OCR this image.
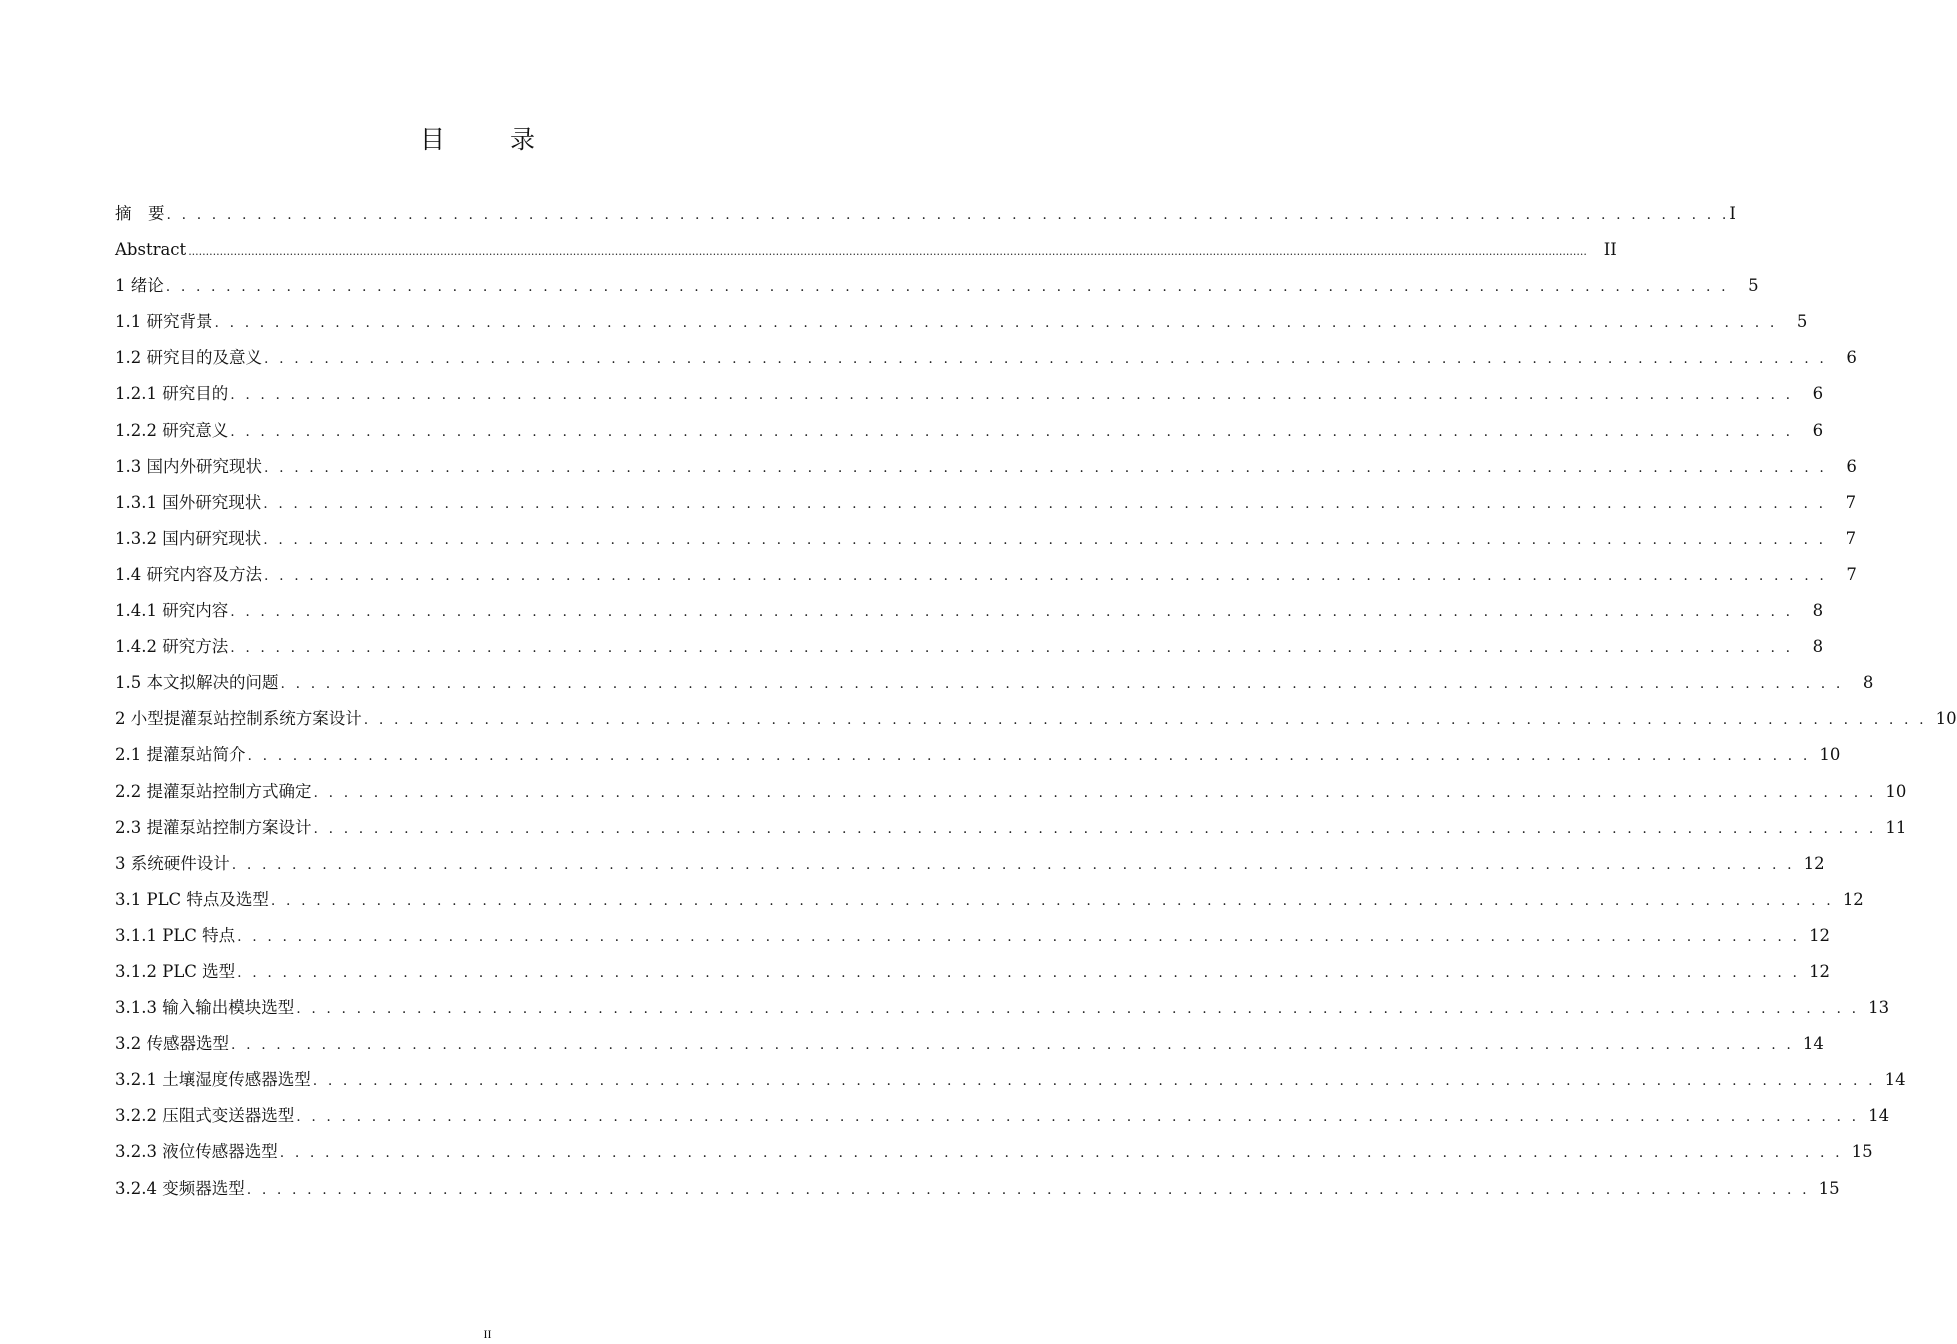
目　录
摘　要 . . . . . . . . . . . . . . . . . . . . . . . . . . . . . . . . . . . . . . . . . . . . . . . . . . . . . . . . . . . . . . . . . . . . . . . . . . . . . . . . . . . . . . . . . . . . . . . . . . . . . . . . I
Abstract ................................................................................................................................................................................................................................................................................................................................................................................................................	II
1 绪论 . . . . . . . . . . . . . . . . . . . . . . . . . . . . . . . . . . . . . . . . . . . . . . . . . . . . . . . . . . . . . . . . . . . . . . . . . . . . . . . . . . . . . . . . . . . . . . . . . . . . . . . .	5
1.1 研究背景 . . . . . . . . . . . . . . . . . . . . . . . . . . . . . . . . . . . . . . . . . . . . . . . . . . . . . . . . . . . . . . . . . . . . . . . . . . . . . . . . . . . . . . . . . . . . . . . . . . . . . . . .	5
1.2 研究目的及意义 . . . . . . . . . . . . . . . . . . . . . . . . . . . . . . . . . . . . . . . . . . . . . . . . . . . . . . . . . . . . . . . . . . . . . . . . . . . . . . . . . . . . . . . . . . . . . . . . . . . . . . . .	6
1.2.1 研究目的 . . . . . . . . . . . . . . . . . . . . . . . . . . . . . . . . . . . . . . . . . . . . . . . . . . . . . . . . . . . . . . . . . . . . . . . . . . . . . . . . . . . . . . . . . . . . . . . . . . . . . . . .	6
1.2.2 研究意义 . . . . . . . . . . . . . . . . . . . . . . . . . . . . . . . . . . . . . . . . . . . . . . . . . . . . . . . . . . . . . . . . . . . . . . . . . . . . . . . . . . . . . . . . . . . . . . . . . . . . . . . .	6
1.3 国内外研究现状 . . . . . . . . . . . . . . . . . . . . . . . . . . . . . . . . . . . . . . . . . . . . . . . . . . . . . . . . . . . . . . . . . . . . . . . . . . . . . . . . . . . . . . . . . . . . . . . . . . . . . . . .	6
1.3.1 国外研究现状 . . . . . . . . . . . . . . . . . . . . . . . . . . . . . . . . . . . . . . . . . . . . . . . . . . . . . . . . . . . . . . . . . . . . . . . . . . . . . . . . . . . . . . . . . . . . . . . . . . . . . . . .	7
1.3.2 国内研究现状 . . . . . . . . . . . . . . . . . . . . . . . . . . . . . . . . . . . . . . . . . . . . . . . . . . . . . . . . . . . . . . . . . . . . . . . . . . . . . . . . . . . . . . . . . . . . . . . . . . . . . . . .	7
1.4 研究内容及方法 . . . . . . . . . . . . . . . . . . . . . . . . . . . . . . . . . . . . . . . . . . . . . . . . . . . . . . . . . . . . . . . . . . . . . . . . . . . . . . . . . . . . . . . . . . . . . . . . . . . . . . . .	7
1.4.1 研究内容 . . . . . . . . . . . . . . . . . . . . . . . . . . . . . . . . . . . . . . . . . . . . . . . . . . . . . . . . . . . . . . . . . . . . . . . . . . . . . . . . . . . . . . . . . . . . . . . . . . . . . . . .	8
1.4.2 研究方法 . . . . . . . . . . . . . . . . . . . . . . . . . . . . . . . . . . . . . . . . . . . . . . . . . . . . . . . . . . . . . . . . . . . . . . . . . . . . . . . . . . . . . . . . . . . . . . . . . . . . . . . .	8
1.5 本文拟解决的问题 . . . . . . . . . . . . . . . . . . . . . . . . . . . . . . . . . . . . . . . . . . . . . . . . . . . . . . . . . . . . . . . . . . . . . . . . . . . . . . . . . . . . . . . . . . . . . . . . . . . . . . . .	8
2 小型提灌泵站控制系统方案设计 . . . . . . . . . . . . . . . . . . . . . . . . . . . . . . . . . . . . . . . . . . . . . . . . . . . . . . . . . . . . . . . . . . . . . . . . . . . . . . . . . . . . . . . . . . . . . . . . . . . . . . . . 10
2.1 提灌泵站简介 . . . . . . . . . . . . . . . . . . . . . . . . . . . . . . . . . . . . . . . . . . . . . . . . . . . . . . . . . . . . . . . . . . . . . . . . . . . . . . . . . . . . . . . . . . . . . . . . . . . . . . . . 10
2.2 提灌泵站控制方式确定 . . . . . . . . . . . . . . . . . . . . . . . . . . . . . . . . . . . . . . . . . . . . . . . . . . . . . . . . . . . . . . . . . . . . . . . . . . . . . . . . . . . . . . . . . . . . . . . . . . . . . . . . 10
2.3 提灌泵站控制方案设计 . . . . . . . . . . . . . . . . . . . . . . . . . . . . . . . . . . . . . . . . . . . . . . . . . . . . . . . . . . . . . . . . . . . . . . . . . . . . . . . . . . . . . . . . . . . . . . . . . . . . . . . . 11
3 系统硬件设计 . . . . . . . . . . . . . . . . . . . . . . . . . . . . . . . . . . . . . . . . . . . . . . . . . . . . . . . . . . . . . . . . . . . . . . . . . . . . . . . . . . . . . . . . . . . . . . . . . . . . . . . . 12
3.1 PLC 特点及选型 . . . . . . . . . . . . . . . . . . . . . . . . . . . . . . . . . . . . . . . . . . . . . . . . . . . . . . . . . . . . . . . . . . . . . . . . . . . . . . . . . . . . . . . . . . . . . . . . . . . . . . . . 12
3.1.1 PLC 特点 . . . . . . . . . . . . . . . . . . . . . . . . . . . . . . . . . . . . . . . . . . . . . . . . . . . . . . . . . . . . . . . . . . . . . . . . . . . . . . . . . . . . . . . . . . . . . . . . . . . . . . . . 12
3.1.2 PLC 选型 . . . . . . . . . . . . . . . . . . . . . . . . . . . . . . . . . . . . . . . . . . . . . . . . . . . . . . . . . . . . . . . . . . . . . . . . . . . . . . . . . . . . . . . . . . . . . . . . . . . . . . . . 12
3.1.3 输入输出模块选型 . . . . . . . . . . . . . . . . . . . . . . . . . . . . . . . . . . . . . . . . . . . . . . . . . . . . . . . . . . . . . . . . . . . . . . . . . . . . . . . . . . . . . . . . . . . . . . . . . . . . . . . . 13
3.2 传感器选型 . . . . . . . . . . . . . . . . . . . . . . . . . . . . . . . . . . . . . . . . . . . . . . . . . . . . . . . . . . . . . . . . . . . . . . . . . . . . . . . . . . . . . . . . . . . . . . . . . . . . . . . . 14
3.2.1 土壤湿度传感器选型 . . . . . . . . . . . . . . . . . . . . . . . . . . . . . . . . . . . . . . . . . . . . . . . . . . . . . . . . . . . . . . . . . . . . . . . . . . . . . . . . . . . . . . . . . . . . . . . . . . . . . . . . 14
3.2.2 压阻式变送器选型 . . . . . . . . . . . . . . . . . . . . . . . . . . . . . . . . . . . . . . . . . . . . . . . . . . . . . . . . . . . . . . . . . . . . . . . . . . . . . . . . . . . . . . . . . . . . . . . . . . . . . . . . 14
3.2.3 液位传感器选型 . . . . . . . . . . . . . . . . . . . . . . . . . . . . . . . . . . . . . . . . . . . . . . . . . . . . . . . . . . . . . . . . . . . . . . . . . . . . . . . . . . . . . . . . . . . . . . . . . . . . . . . . 15
3.2.4 变频器选型 . . . . . . . . . . . . . . . . . . . . . . . . . . . . . . . . . . . . . . . . . . . . . . . . . . . . . . . . . . . . . . . . . . . . . . . . . . . . . . . . . . . . . . . . . . . . . . . . . . . . . . . . 15
II
